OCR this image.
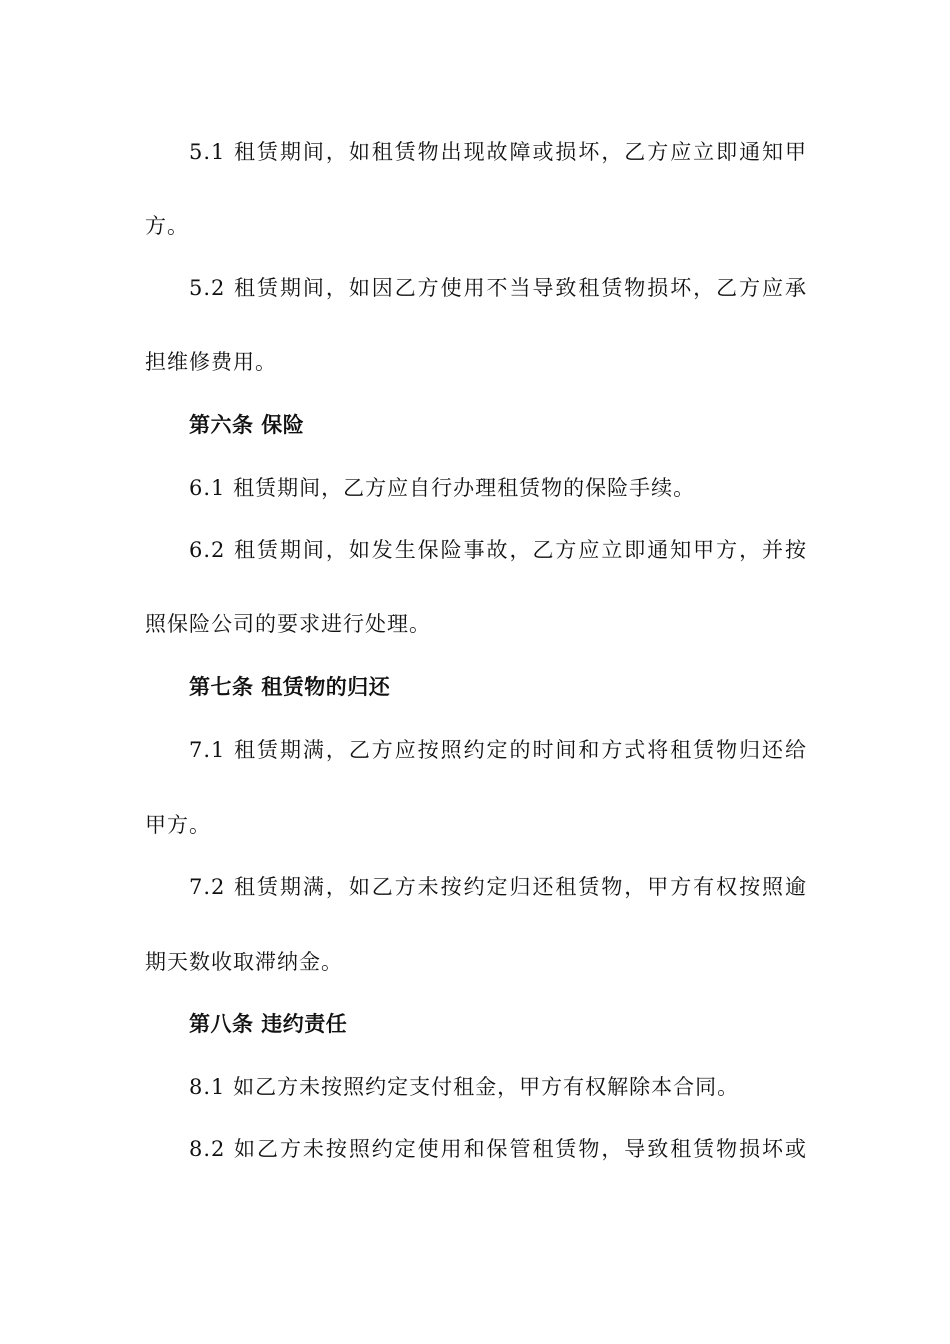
5.1 租赁期间，如租赁物出现故障或损坏，乙方应立即通知甲
方。
5.2 租赁期间，如因乙方使用不当导致租赁物损坏，乙方应承
担维修费用。
第六条 保险
6.1 租赁期间，乙方应自行办理租赁物的保险手续。
6.2 租赁期间，如发生保险事故，乙方应立即通知甲方，并按
照保险公司的要求进行处理。
第七条 租赁物的归还
7.1 租赁期满，乙方应按照约定的时间和方式将租赁物归还给
甲方。
7.2 租赁期满，如乙方未按约定归还租赁物，甲方有权按照逾
期天数收取滞纳金。
第八条 违约责任
8.1 如乙方未按照约定支付租金，甲方有权解除本合同。
8.2 如乙方未按照约定使用和保管租赁物，导致租赁物损坏或
